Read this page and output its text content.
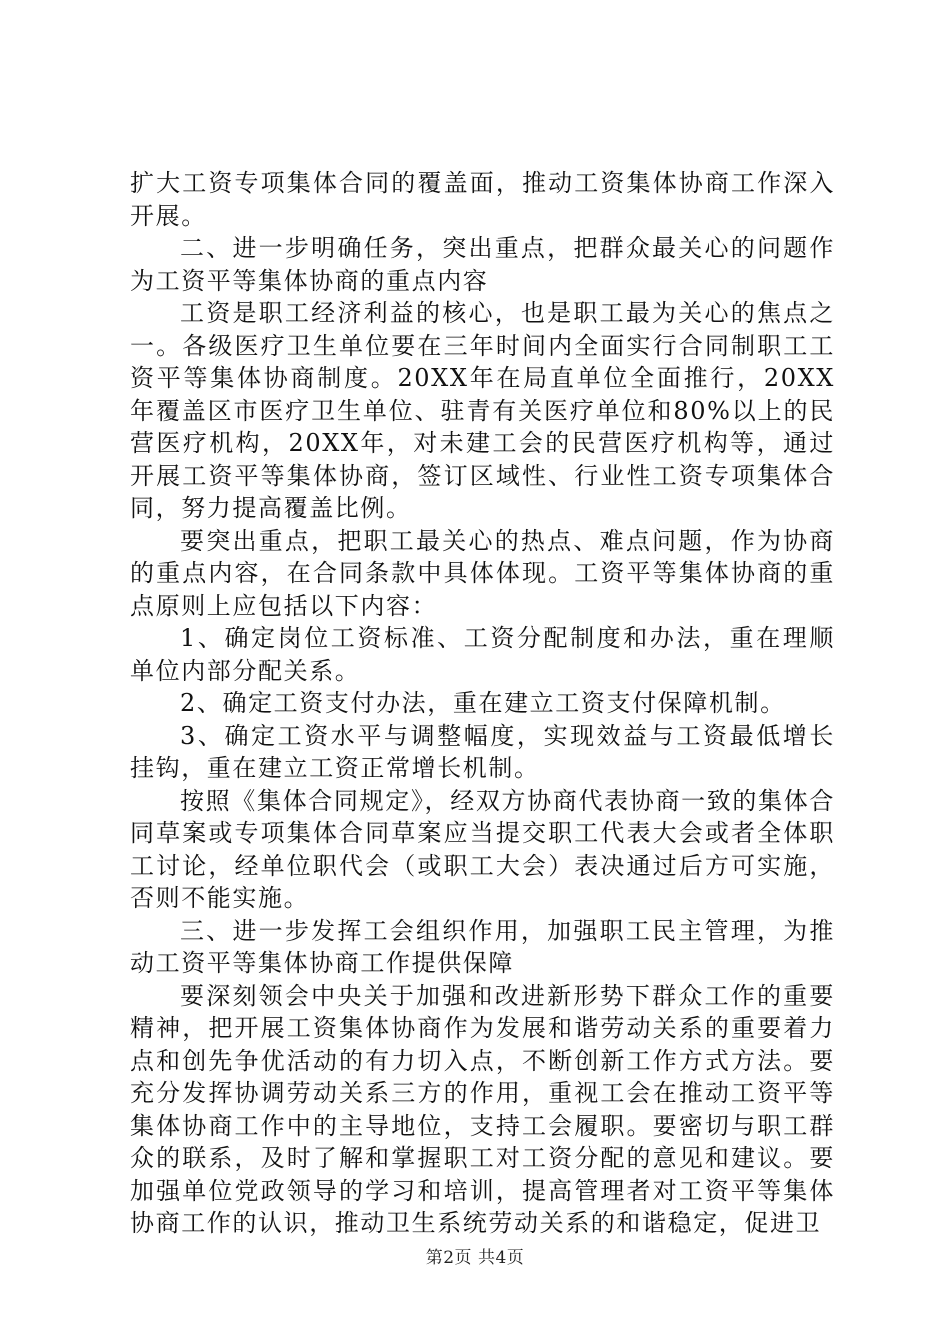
扩大工资专项集体合同的覆盖面，推动工资集体协商工作深入开展。

二、进一步明确任务，突出重点，把群众最关心的问题作为工资平等集体协商的重点内容

工资是职工经济利益的核心，也是职工最为关心的焦点之一。各级医疗卫生单位要在三年时间内全面实行合同制职工工资平等集体协商制度。20XX年在局直单位全面推行，20XX年覆盖区市医疗卫生单位、驻青有关医疗单位和80%以上的民营医疗机构，20XX年，对未建工会的民营医疗机构等，通过开展工资平等集体协商，签订区域性、行业性工资专项集体合同，努力提高覆盖比例。

要突出重点，把职工最关心的热点、难点问题，作为协商的重点内容，在合同条款中具体体现。工资平等集体协商的重点原则上应包括以下内容：

1、确定岗位工资标准、工资分配制度和办法，重在理顺单位内部分配关系。

2、确定工资支付办法，重在建立工资支付保障机制。

3、确定工资水平与调整幅度，实现效益与工资最低增长挂钩，重在建立工资正常增长机制。

按照《集体合同规定》，经双方协商代表协商一致的集体合同草案或专项集体合同草案应当提交职工代表大会或者全体职工讨论，经单位职代会（或职工大会）表决通过后方可实施，否则不能实施。

三、进一步发挥工会组织作用，加强职工民主管理，为推动工资平等集体协商工作提供保障

要深刻领会中央关于加强和改进新形势下群众工作的重要精神，把开展工资集体协商作为发展和谐劳动关系的重要着力点和创先争优活动的有力切入点，不断创新工作方式方法。要充分发挥协调劳动关系三方的作用，重视工会在推动工资平等集体协商工作中的主导地位，支持工会履职。要密切与职工群众的联系，及时了解和掌握职工对工资分配的意见和建议。要加强单位党政领导的学习和培训，提高管理者对工资平等集体协商工作的认识，推动卫生系统劳动关系的和谐稳定，促进卫

第2页 共4页
